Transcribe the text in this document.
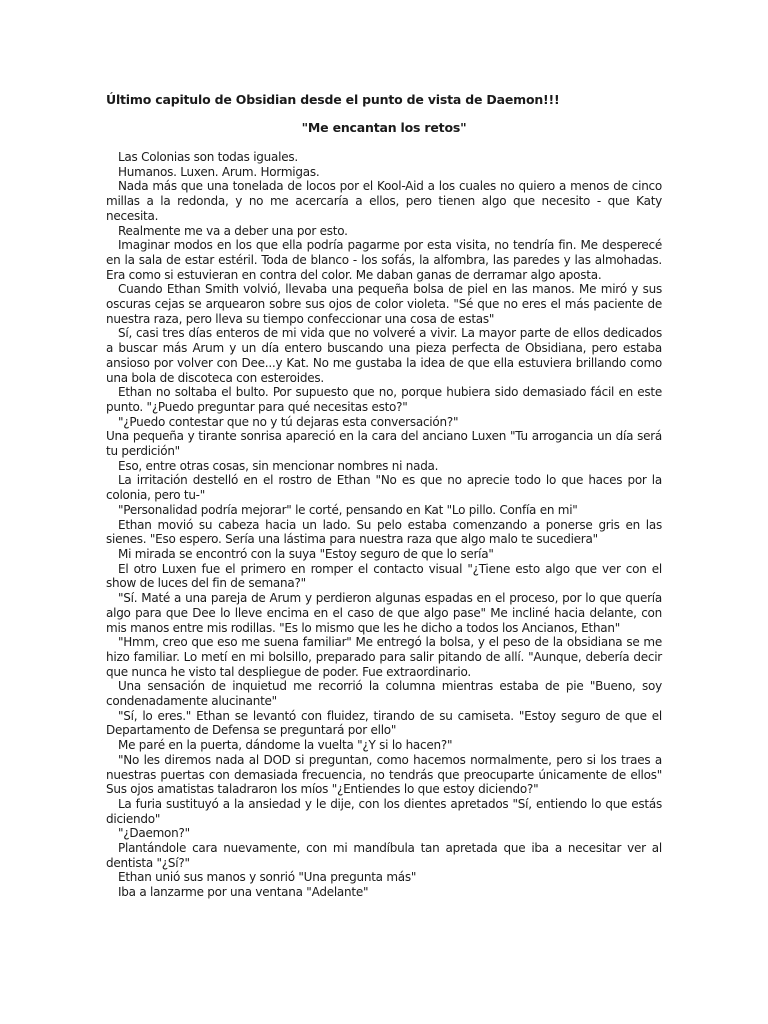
Último capitulo de Obsidian desde el punto de vista de Daemon!!!
"Me encantan los retos"

Las Colonias son todas iguales.

Humanos. Luxen. Arum. Hormigas.

Nada más que una tonelada de locos por el Kool-Aid a los cuales no quiero a menos de cinco millas a la redonda, y no me acercaría a ellos, pero tienen algo que necesito - que Katy necesita.

Realmente me va a deber una por esto.

Imaginar modos en los que ella podría pagarme por esta visita, no tendría fin. Me desperecé en la sala de estar estéril. Toda de blanco - los sofás, la alfombra, las paredes y las almohadas. Era como si estuvieran en contra del color. Me daban ganas de derramar algo aposta.

Cuando Ethan Smith volvió, llevaba una pequeña bolsa de piel en las manos. Me miró y sus oscuras cejas se arquearon sobre sus ojos de color violeta. "Sé que no eres el más paciente de nuestra raza, pero lleva su tiempo confeccionar una cosa de estas"

Sí, casi tres días enteros de mi vida que no volveré a vivir. La mayor parte de ellos dedicados a buscar más Arum y un día entero buscando una pieza perfecta de Obsidiana, pero estaba ansioso por volver con Dee...y Kat. No me gustaba la idea de que ella estuviera brillando como una bola de discoteca con esteroides.

Ethan no soltaba el bulto. Por supuesto que no, porque hubiera sido demasiado fácil en este punto. "¿Puedo preguntar para qué necesitas esto?"

"¿Puedo contestar que no y tú dejaras esta conversación?"

Una pequeña y tirante sonrisa apareció en la cara del anciano Luxen "Tu arrogancia un día será tu perdición"

Eso, entre otras cosas, sin mencionar nombres ni nada.

La irritación destelló en el rostro de Ethan "No es que no aprecie todo lo que haces por la colonia, pero tu-"

"Personalidad podría mejorar" le corté, pensando en Kat "Lo pillo. Confía en mi"

Ethan movió su cabeza hacia un lado. Su pelo estaba comenzando a ponerse gris en las sienes. "Eso espero. Sería una lástima para nuestra raza que algo malo te sucediera"

Mi mirada se encontró con la suya "Estoy seguro de que lo sería"

El otro Luxen fue el primero en romper el contacto visual "¿Tiene esto algo que ver con el show de luces del fin de semana?"

"Sí. Maté a una pareja de Arum y perdieron algunas espadas en el proceso, por lo que quería algo para que Dee lo lleve encima en el caso de que algo pase" Me incliné hacia delante, con mis manos entre mis rodillas. "Es lo mismo que les he dicho a todos los Ancianos, Ethan"

"Hmm, creo que eso me suena familiar" Me entregó la bolsa, y el peso de la obsidiana se me hizo familiar. Lo metí en mi bolsillo, preparado para salir pitando de allí. "Aunque, debería decir que nunca he visto tal despliegue de poder. Fue extraordinario.

Una sensación de inquietud me recorrió la columna mientras estaba de pie "Bueno, soy condenadamente alucinante"

"Sí, lo eres." Ethan se levantó con fluidez, tirando de su camiseta. "Estoy seguro de que el Departamento de Defensa se preguntará por ello"

Me paré en la puerta, dándome la vuelta "¿Y si lo hacen?"

"No les diremos nada al DOD si preguntan, como hacemos normalmente, pero si los traes a nuestras puertas con demasiada frecuencia, no tendrás que preocuparte únicamente de ellos" Sus ojos amatistas taladraron los míos "¿Entiendes lo que estoy diciendo?"

La furia sustituyó a la ansiedad y le dije, con los dientes apretados "Sí, entiendo lo que estás diciendo"

"¿Daemon?"

Plantándole cara nuevamente, con mi mandíbula tan apretada que iba a necesitar ver al dentista "¿Sí?"

Ethan unió sus manos y sonrió "Una pregunta más"

Iba a lanzarme por una ventana "Adelante"
